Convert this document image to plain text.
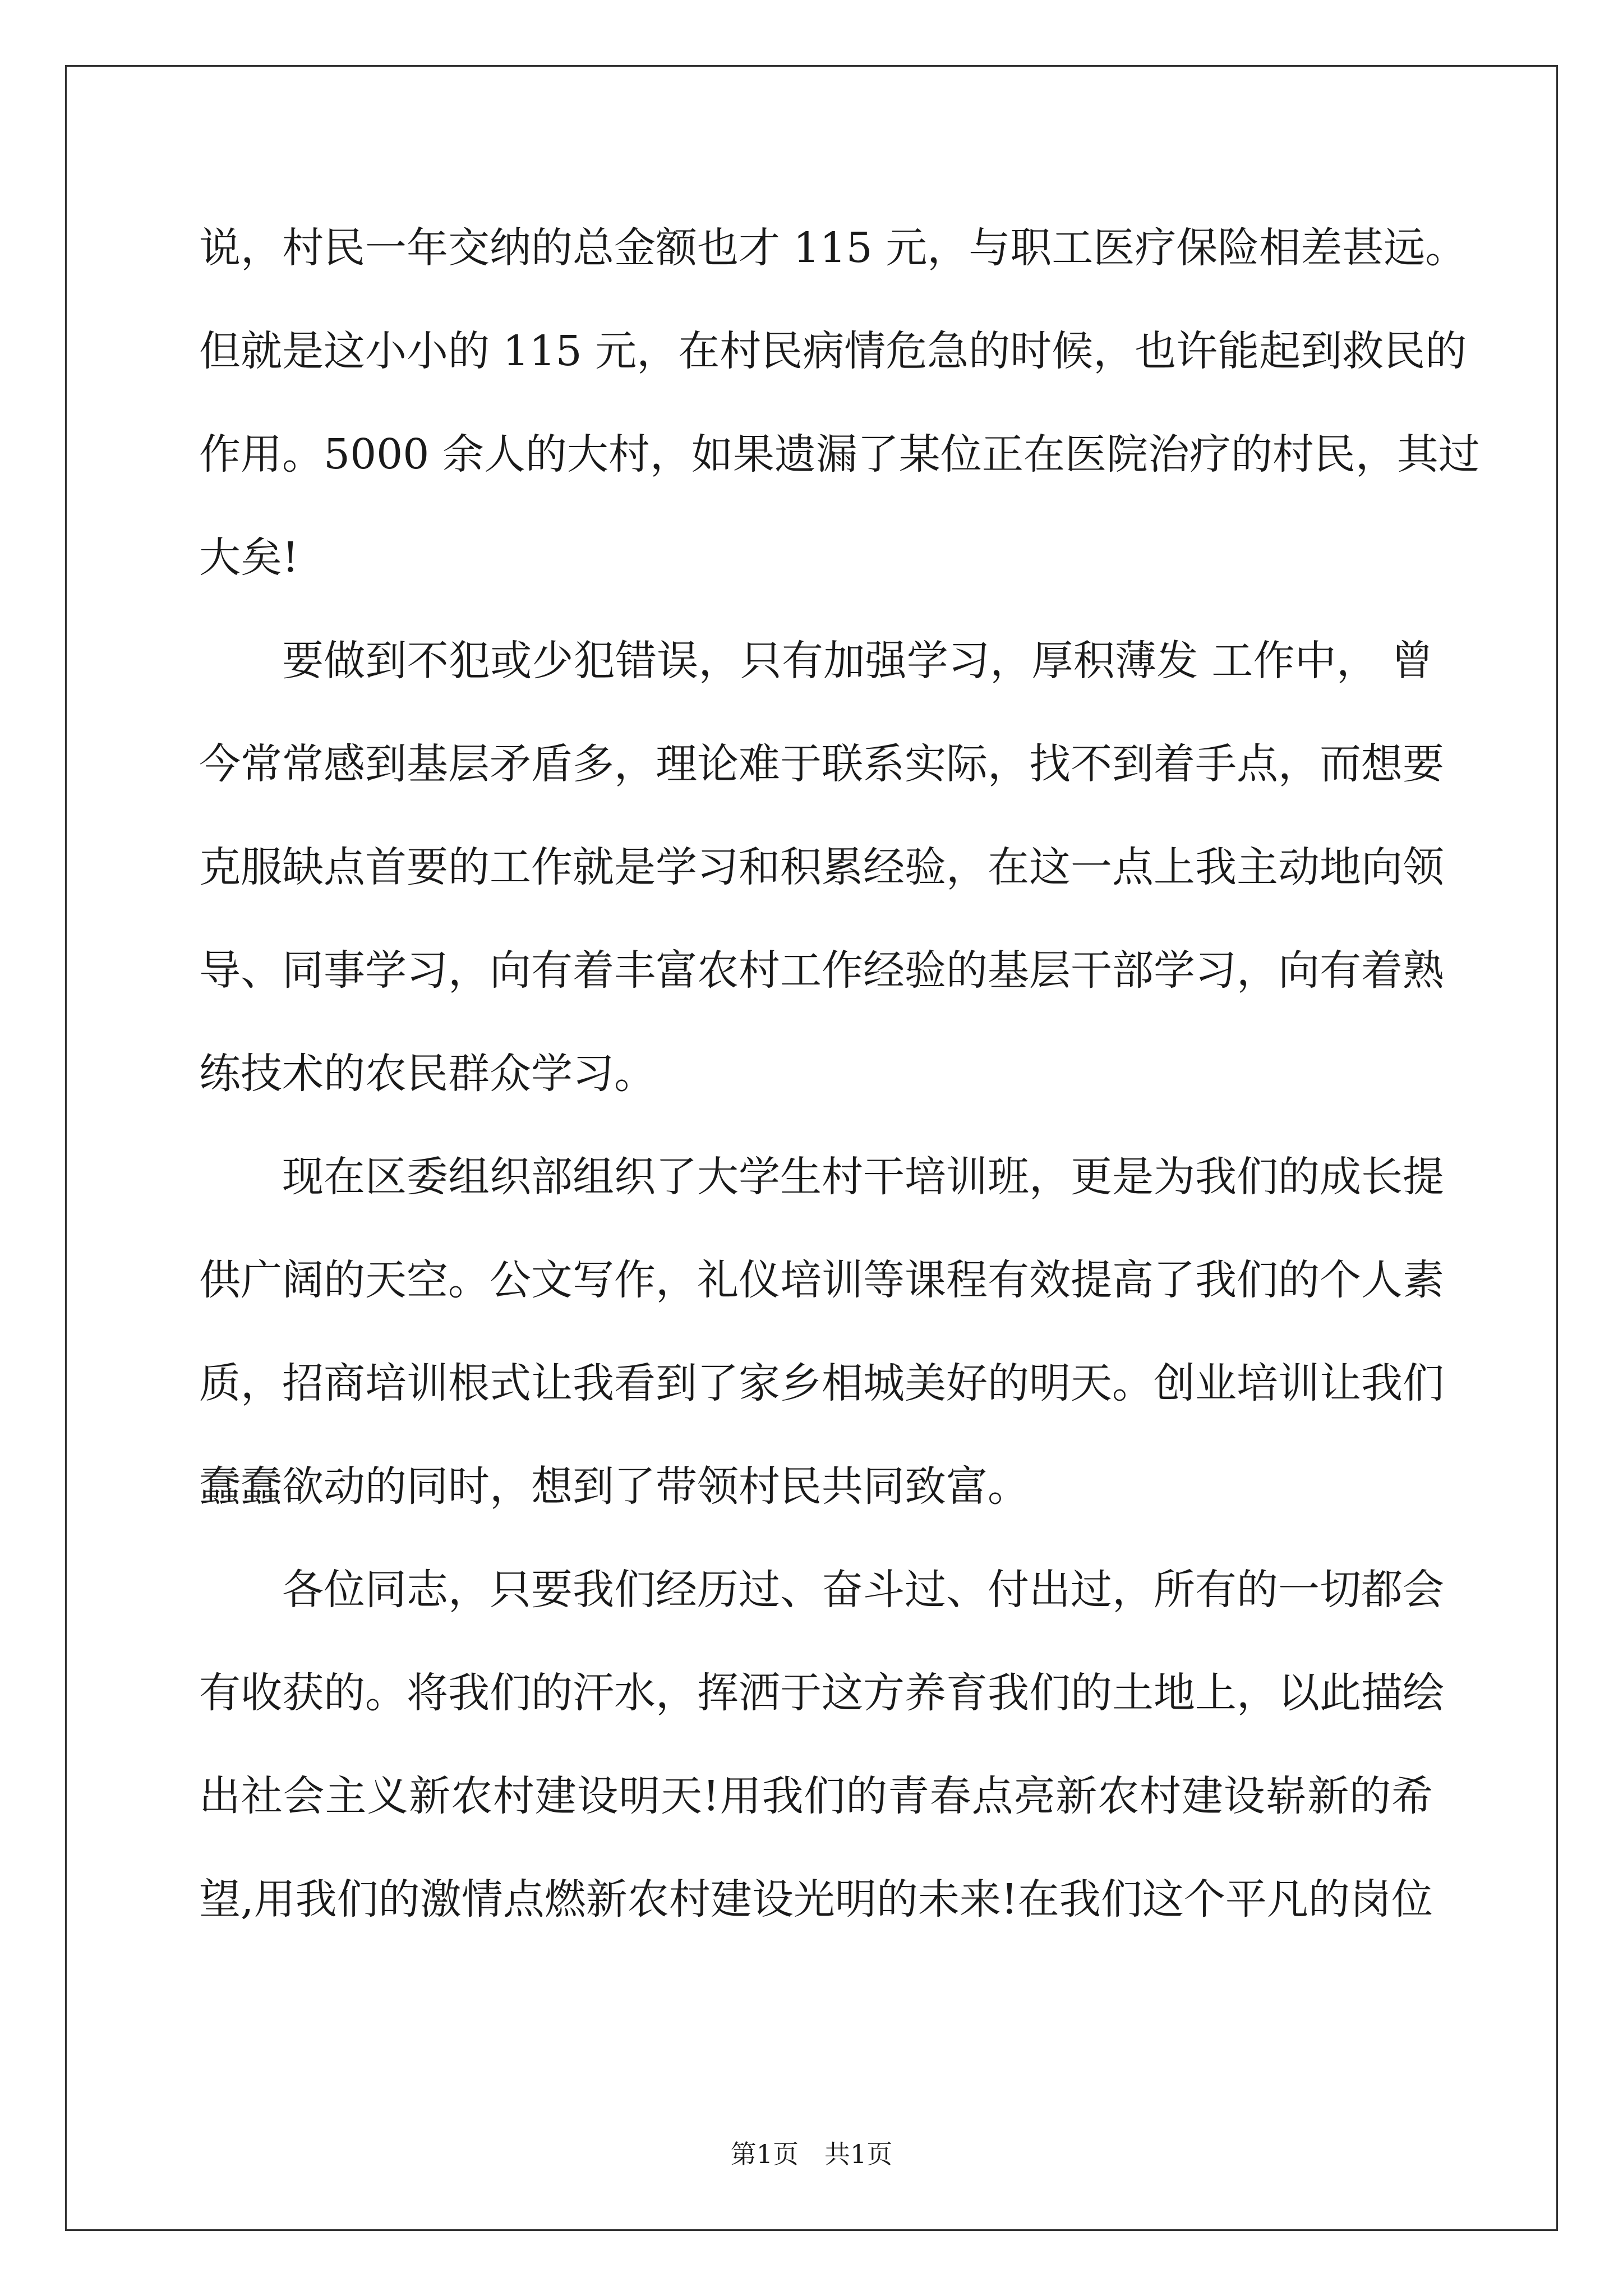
说，村民一年交纳的总金额也才 115 元，与职工医疗保险相差甚远。
但就是这小小的 115 元，在村民病情危急的时候，也许能起到救民的
作用。5000 余人的大村，如果遗漏了某位正在医院治疗的村民，其过
大矣!
要做到不犯或少犯错误，只有加强学习，厚积薄发 工作中， 曾
今常常感到基层矛盾多，理论难于联系实际，找不到着手点，而想要
克服缺点首要的工作就是学习和积累经验，在这一点上我主动地向领
导、同事学习，向有着丰富农村工作经验的基层干部学习，向有着熟
练技术的农民群众学习。
现在区委组织部组织了大学生村干培训班，更是为我们的成长提
供广阔的天空。公文写作，礼仪培训等课程有效提高了我们的个人素
质，招商培训根式让我看到了家乡相城美好的明天。创业培训让我们
蠢蠢欲动的同时，想到了带领村民共同致富。
各位同志，只要我们经历过、奋斗过、付出过，所有的一切都会
有收获的。将我们的汗水，挥洒于这方养育我们的土地上，以此描绘
出社会主义新农村建设明天!用我们的青春点亮新农村建设崭新的希
望,用我们的激情点燃新农村建设光明的未来!在我们这个平凡的岗位
第1页　共1页
